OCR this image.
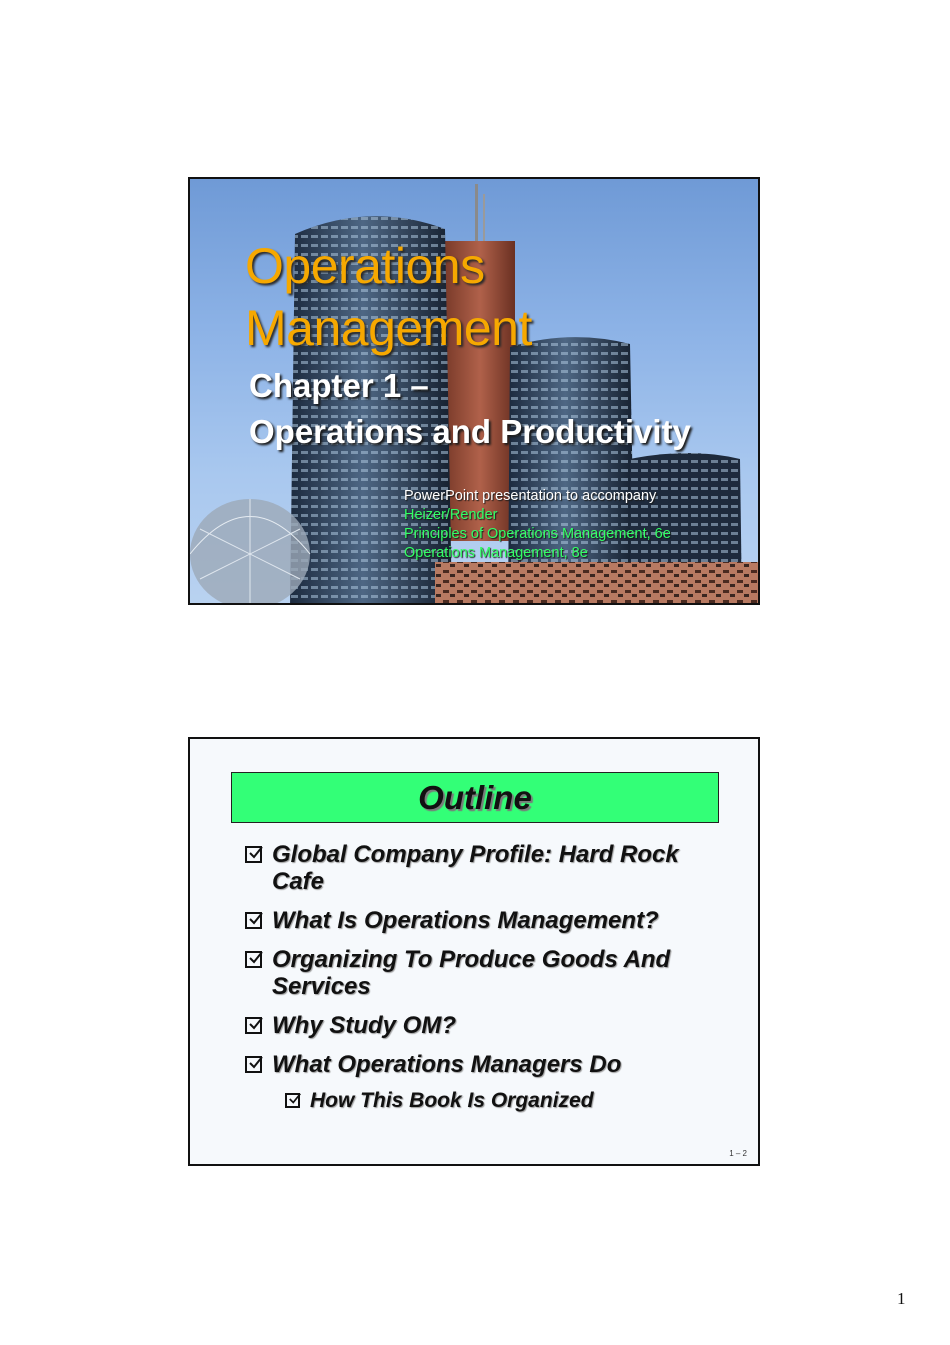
Operations
Management
Chapter 1 –
Operations and Productivity
PowerPoint presentation to accompany
Heizer/Render
Principles of Operations Management, 6e
Operations Management, 8e
Outline
Global Company Profile: Hard Rock Cafe
What Is Operations Management?
Organizing To Produce Goods And Services
Why Study OM?
What Operations Managers Do
How This Book Is Organized
1 – 2
1
